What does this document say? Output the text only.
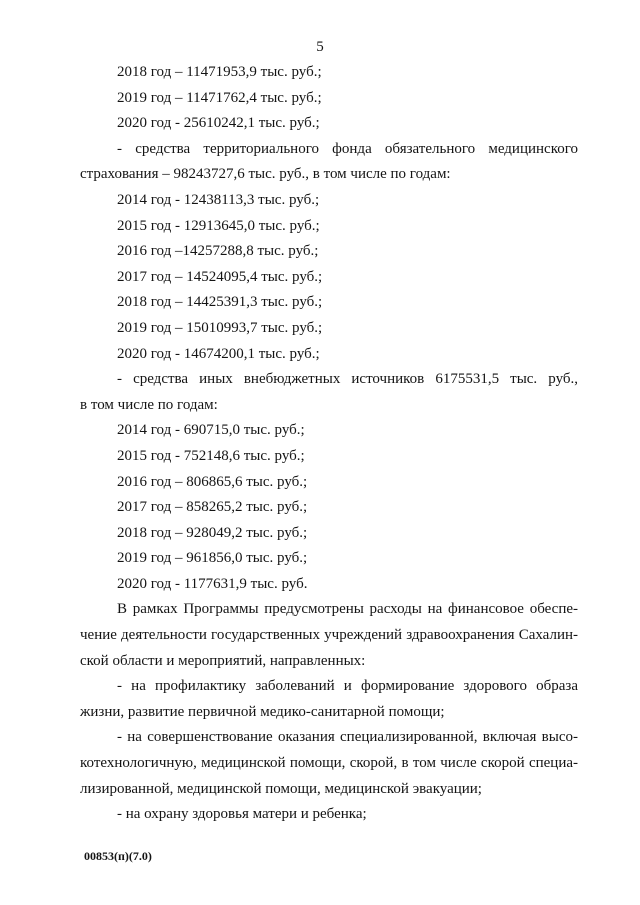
5
2018 год – 11471953,9 тыс. руб.;
2019 год – 11471762,4 тыс. руб.;
2020 год - 25610242,1 тыс. руб.;
- средства территориального фонда обязательного медицинского
страхования – 98243727,6 тыс. руб., в том числе по годам:
2014 год - 12438113,3 тыс. руб.;
2015 год - 12913645,0 тыс. руб.;
2016 год –14257288,8 тыс. руб.;
2017 год – 14524095,4 тыс. руб.;
2018 год – 14425391,3 тыс. руб.;
2019 год – 15010993,7 тыс. руб.;
2020 год - 14674200,1 тыс. руб.;
- средства иных внебюджетных источников 6175531,5 тыс. руб.,
в том числе по годам:
2014 год - 690715,0 тыс. руб.;
2015 год - 752148,6 тыс. руб.;
2016 год – 806865,6 тыс. руб.;
2017 год – 858265,2 тыс. руб.;
2018 год – 928049,2 тыс. руб.;
2019 год – 961856,0 тыс. руб.;
2020 год - 1177631,9 тыс. руб.
В рамках Программы предусмотрены расходы на финансовое обеспе-
чение деятельности государственных учреждений здравоохранения Сахалин-
ской области и мероприятий, направленных:
- на профилактику заболеваний и формирование здорового образа
жизни, развитие первичной медико-санитарной помощи;
- на совершенствование оказания специализированной, включая высо-
котехнологичную, медицинской помощи, скорой, в том числе скорой специа-
лизированной, медицинской помощи, медицинской эвакуации;
- на охрану здоровья матери и ребенка;
00853(п)(7.0)
